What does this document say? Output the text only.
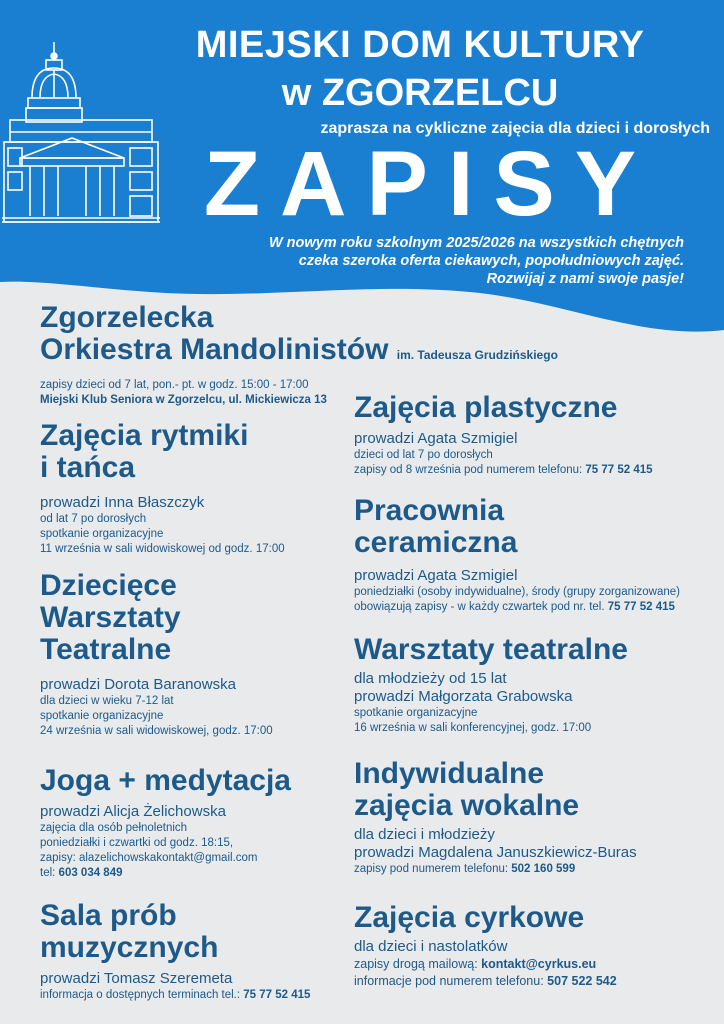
MIEJSKI DOM KULTURY
w ZGORZELCU
zaprasza na cykliczne zajęcia dla dzieci i dorosłych
ZAPISY
W nowym roku szkolnym 2025/2026 na wszystkich chętnych
czeka szeroka oferta ciekawych, popołudniowych zajęć.
Rozwijaj z nami swoje pasje!
Zgorzelecka
Orkiestra Mandolinistów im. Tadeusza Grudzińskiego
zapisy dzieci od 7 lat, pon.- pt. w godz. 15:00 - 17:00
Miejski Klub Seniora w Zgorzelcu, ul. Mickiewicza 13
Zajęcia rytmiki
i tańca
prowadzi Inna Błaszczyk
od lat 7 po dorosłych
spotkanie organizacyjne
11 września w sali widowiskowej od godz. 17:00
Dziecięce
Warsztaty
Teatralne
prowadzi Dorota Baranowska
dla dzieci w wieku 7-12 lat
spotkanie organizacyjne
24 września w sali widowiskowej, godz. 17:00
Joga + medytacja
prowadzi Alicja Żelichowska
zajęcia dla osób pełnoletnich
poniedziałki i czwartki od godz. 18:15,
zapisy: alazelichowskakontakt@gmail.com
tel: 603 034 849
Sala prób
muzycznych
prowadzi Tomasz Szeremeta
informacja o dostępnych terminach tel.: 75 77 52 415
Zajęcia plastyczne
prowadzi Agata Szmigiel
dzieci od lat 7 po dorosłych
zapisy od 8 września pod numerem telefonu: 75 77 52 415
Pracownia
ceramiczna
prowadzi Agata Szmigiel
poniedziałki (osoby indywidualne), środy (grupy zorganizowane)
obowiązują zapisy - w każdy czwartek pod nr. tel. 75 77 52 415
Warsztaty teatralne
dla młodzieży od 15 lat
prowadzi Małgorzata Grabowska
spotkanie organizacyjne
16 września w sali konferencyjnej, godz. 17:00
Indywidualne
zajęcia wokalne
dla dzieci i młodzieży
prowadzi Magdalena Januszkiewicz-Buras
zapisy pod numerem telefonu: 502 160 599
Zajęcia cyrkowe
dla dzieci i nastolatków
zapisy drogą mailową: kontakt@cyrkus.eu
informacje pod numerem telefonu: 507 522 542
